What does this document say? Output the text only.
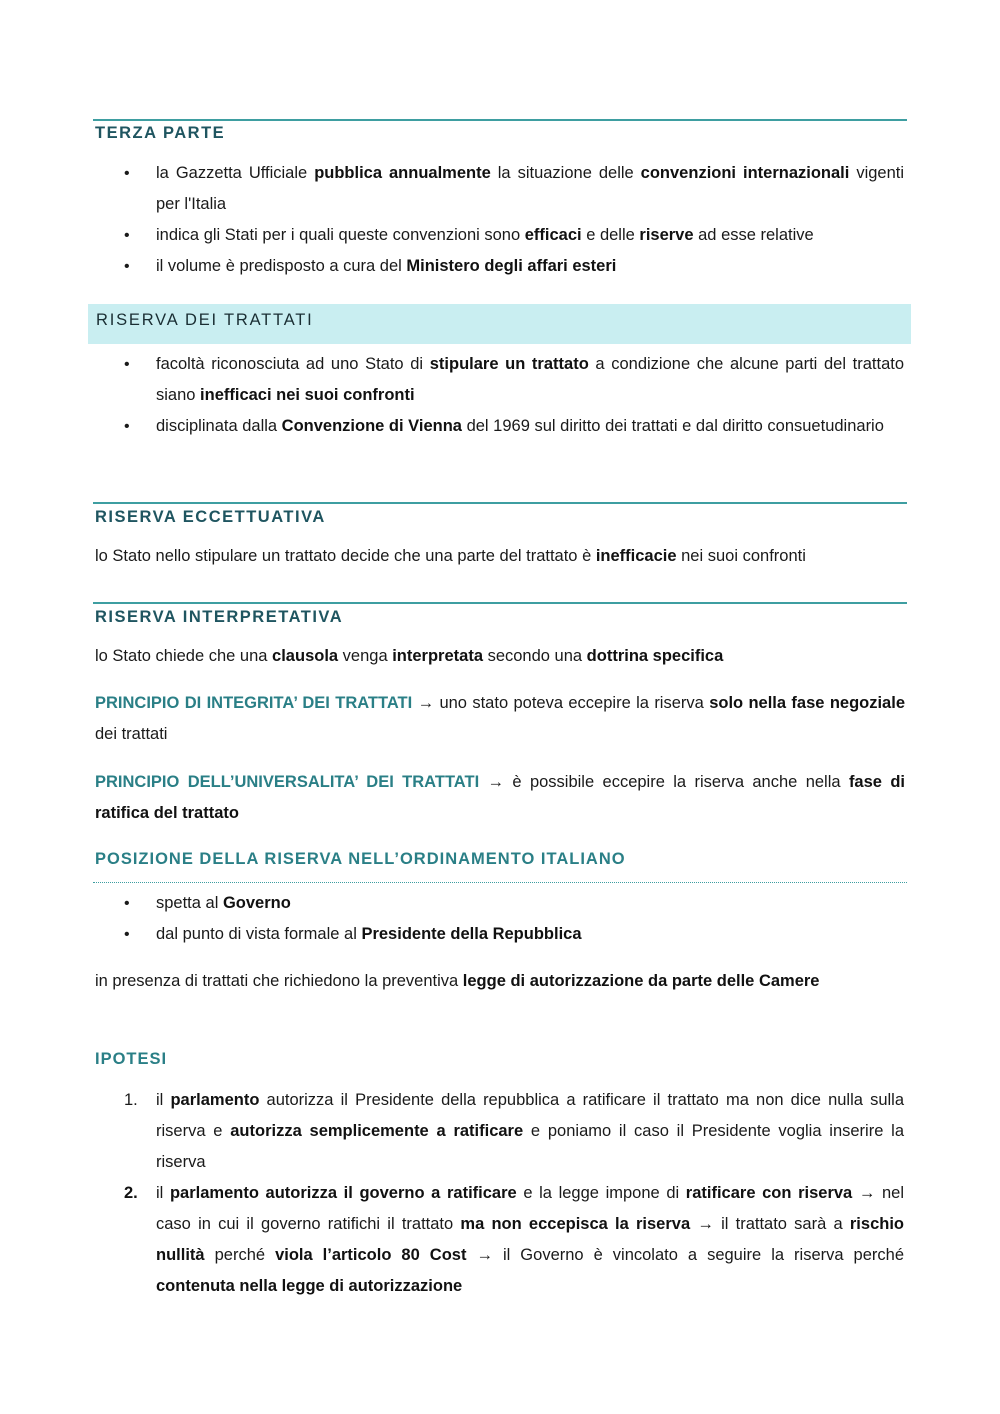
TERZA PARTE
• la Gazzetta Ufficiale pubblica annualmente la situazione delle convenzioni internazionali vigenti per l'Italia
• indica gli Stati per i quali queste convenzioni sono efficaci e delle riserve ad esse relative
• il volume è predisposto a cura del Ministero degli affari esteri
RISERVA DEI TRATTATI
• facoltà riconosciuta ad uno Stato di stipulare un trattato a condizione che alcune parti del trattato siano inefficaci nei suoi confronti
• disciplinata dalla Convenzione di Vienna del 1969 sul diritto dei trattati e dal diritto consuetudinario
RISERVA ECCETTUATIVA
lo Stato nello stipulare un trattato decide che una parte del trattato è inefficacie nei suoi confronti
RISERVA INTERPRETATIVA
lo Stato chiede che una clausola venga interpretata secondo una dottrina specifica
PRINCIPIO DI INTEGRITA’ DEI TRATTATI → uno stato poteva eccepire la riserva solo nella fase negoziale dei trattati
PRINCIPIO DELL’UNIVERSALITA’ DEI TRATTATI → è possibile eccepire la riserva anche nella fase di ratifica del trattato
POSIZIONE DELLA RISERVA NELL’ORDINAMENTO ITALIANO
• spetta al Governo
• dal punto di vista formale al Presidente della Repubblica
in presenza di trattati che richiedono la preventiva legge di autorizzazione da parte delle Camere
IPOTESI
1. il parlamento autorizza il Presidente della repubblica a ratificare il trattato ma non dice nulla sulla riserva e autorizza semplicemente a ratificare e poniamo il caso il Presidente voglia inserire la riserva
2. il parlamento autorizza il governo a ratificare e la legge impone di ratificare con riserva → nel caso in cui il governo ratifichi il trattato ma non eccepisca la riserva → il trattato sarà a rischio nullità perché viola l’articolo 80 Cost → il Governo è vincolato a seguire la riserva perché contenuta nella legge di autorizzazione
